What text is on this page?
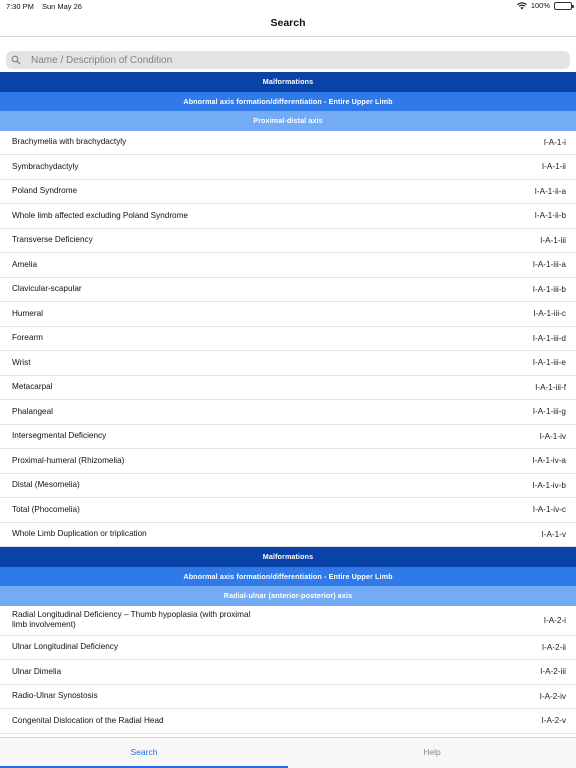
7:30 PM Sun May 26	100%
Search
Name / Description of Condition
Malformations
Abnormal axis formation/differentiation - Entire Upper Limb
Proximal-distal axis
Brachymelia with brachydactyly	I-A-1-i
Symbrachydactyly	I-A-1-ii
Poland Syndrome	I-A-1-ii-a
Whole limb affected excluding Poland Syndrome	I-A-1-ii-b
Transverse Deficiency	I-A-1-iii
Amelia	I-A-1-iii-a
Clavicular-scapular	I-A-1-iii-b
Humeral	I-A-1-iii-c
Forearm	I-A-1-iii-d
Wrist	I-A-1-iii-e
Metacarpal	I-A-1-iii-f
Phalangeal	I-A-1-iii-g
Intersegmental Deficiency	I-A-1-iv
Proximal-humeral (Rhizomelia)	I-A-1-iv-a
Distal (Mesomelia)	I-A-1-iv-b
Total (Phocomelia)	I-A-1-iv-c
Whole Limb Duplication or triplication	I-A-1-v
Malformations
Abnormal axis formation/differentiation - Entire Upper Limb
Radial-ulnar (anterior-posterior) axis
Radial Longitudinal Deficiency – Thumb hypoplasia (with proximal limb involvement)	I-A-2-i
Ulnar Longitudinal Deficiency	I-A-2-ii
Ulnar Dimelia	I-A-2-iii
Radio-Ulnar Synostosis	I-A-2-iv
Congenital Dislocation of the Radial Head	I-A-2-v
Search	Help
